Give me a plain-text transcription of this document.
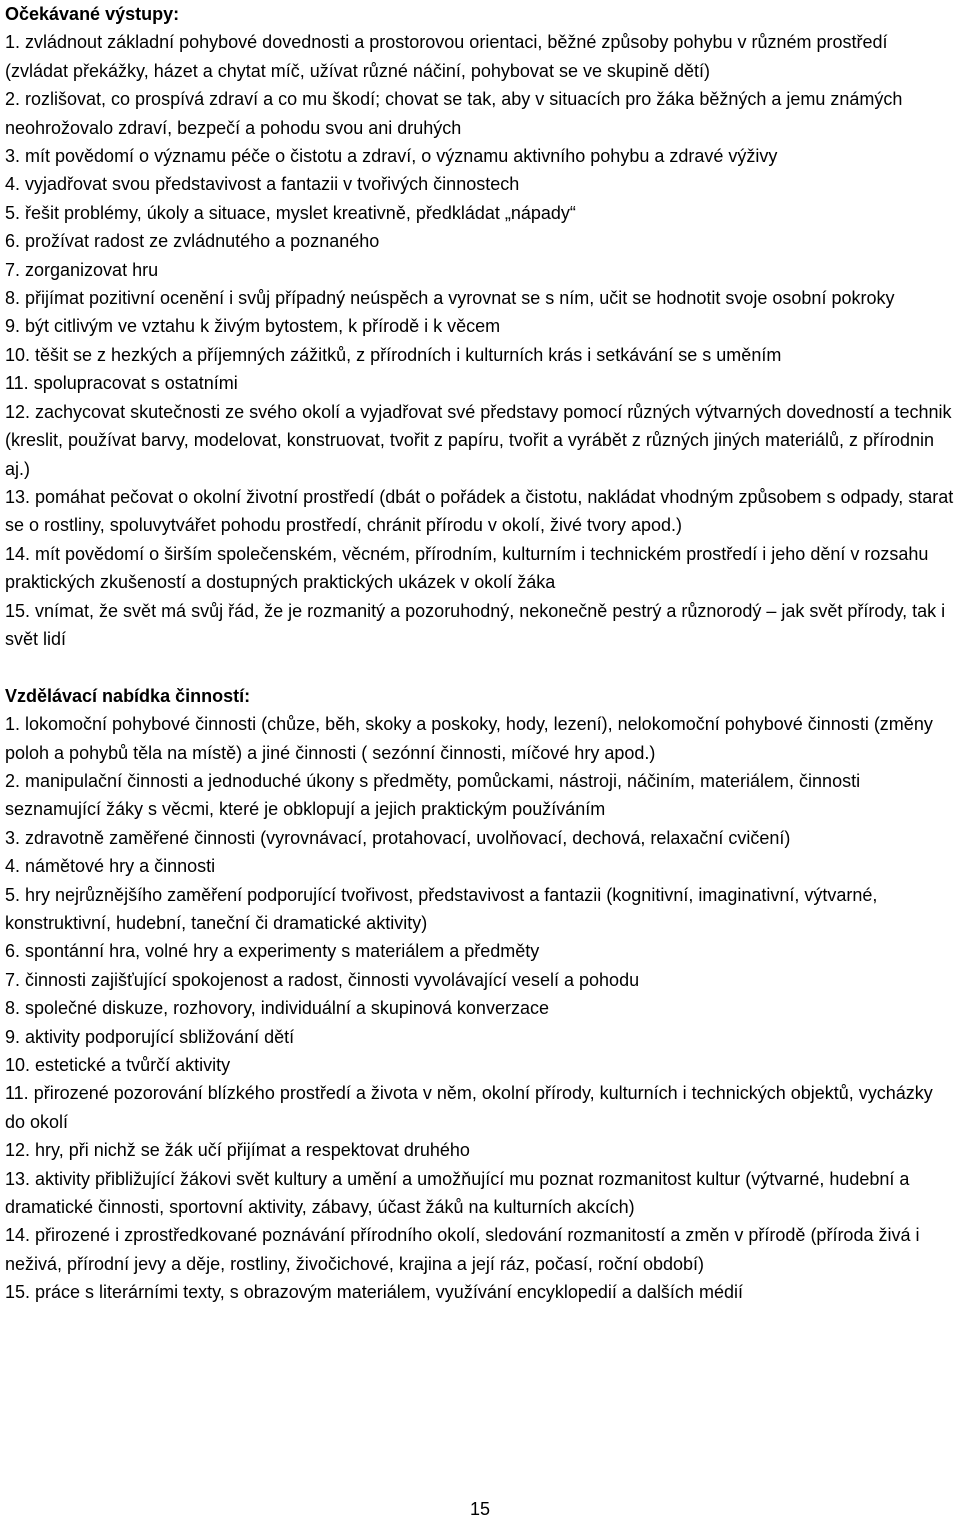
Očekávané výstupy:

1. zvládnout základní pohybové dovednosti a prostorovou orientaci, běžné způsoby pohybu v různém prostředí (zvládat překážky, házet a chytat míč, užívat různé náčiní, pohybovat se ve skupině dětí)

2. rozlišovat, co prospívá zdraví a co mu škodí; chovat se tak, aby v situacích pro žáka běžných a jemu známých neohrožovalo zdraví, bezpečí a pohodu svou ani druhých

3. mít povědomí o významu péče o čistotu a zdraví, o významu aktivního pohybu a zdravé výživy

4. vyjadřovat svou představivost a fantazii v tvořivých činnostech

5. řešit problémy, úkoly a situace, myslet kreativně, předkládat „nápady“

6. prožívat radost ze zvládnutého a poznaného

7. zorganizovat hru

8. přijímat pozitivní ocenění i svůj případný neúspěch a vyrovnat se s ním, učit se hodnotit svoje osobní pokroky

9. být citlivým ve vztahu k živým bytostem, k přírodě i k věcem

10. těšit se z hezkých a příjemných zážitků, z přírodních i kulturních krás i setkávání se s uměním

11. spolupracovat s ostatními

12. zachycovat skutečnosti ze svého okolí a vyjadřovat své představy pomocí různých výtvarných dovedností a technik (kreslit, používat barvy, modelovat, konstruovat, tvořit z papíru, tvořit a vyrábět z různých jiných materiálů, z přírodnin aj.)

13. pomáhat pečovat o okolní životní prostředí (dbát o pořádek a čistotu, nakládat vhodným způsobem s odpady, starat se o rostliny, spoluvytvářet pohodu prostředí, chránit přírodu v okolí, živé tvory apod.)

14. mít povědomí o širším společenském, věcném, přírodním, kulturním i technickém prostředí i jeho dění v rozsahu praktických zkušeností a dostupných praktických ukázek v okolí žáka

15. vnímat, že svět má svůj řád, že je rozmanitý a pozoruhodný, nekonečně pestrý a různorodý – jak svět přírody, tak i svět lidí

Vzdělávací nabídka činností:

1. lokomoční pohybové činnosti (chůze, běh, skoky a poskoky, hody, lezení), nelokomoční pohybové činnosti (změny poloh a pohybů těla na místě) a jiné činnosti ( sezónní činnosti, míčové hry apod.)

2. manipulační činnosti a jednoduché úkony s předměty, pomůckami, nástroji, náčiním, materiálem, činnosti seznamující žáky s věcmi, které je obklopují a jejich praktickým používáním

3. zdravotně zaměřené činnosti (vyrovnávací, protahovací, uvolňovací, dechová, relaxační cvičení)

4. námětové hry a činnosti

5. hry nejrůznějšího zaměření podporující tvořivost, představivost a fantazii (kognitivní, imaginativní, výtvarné, konstruktivní, hudební, taneční či dramatické aktivity)

6. spontánní hra, volné hry a experimenty s materiálem a předměty

7. činnosti zajišťující spokojenost a radost, činnosti vyvolávající veselí a pohodu

8. společné diskuze, rozhovory, individuální a skupinová konverzace

9. aktivity podporující sbližování dětí

10. estetické a tvůrčí aktivity

11. přirozené pozorování blízkého prostředí a života v něm, okolní přírody, kulturních i technických objektů, vycházky do okolí

12. hry, při nichž se žák učí přijímat a respektovat druhého

13. aktivity přibližující žákovi svět kultury a umění a umožňující mu poznat rozmanitost kultur (výtvarné, hudební a dramatické činnosti, sportovní aktivity, zábavy, účast žáků na kulturních akcích)

14. přirozené i zprostředkované poznávání přírodního okolí, sledování rozmanitostí a změn v přírodě (příroda živá i neživá, přírodní jevy a děje, rostliny, živočichové, krajina a její ráz, počasí, roční období)

15. práce s literárními texty, s obrazovým materiálem, využívání encyklopedií a dalších médií

15
